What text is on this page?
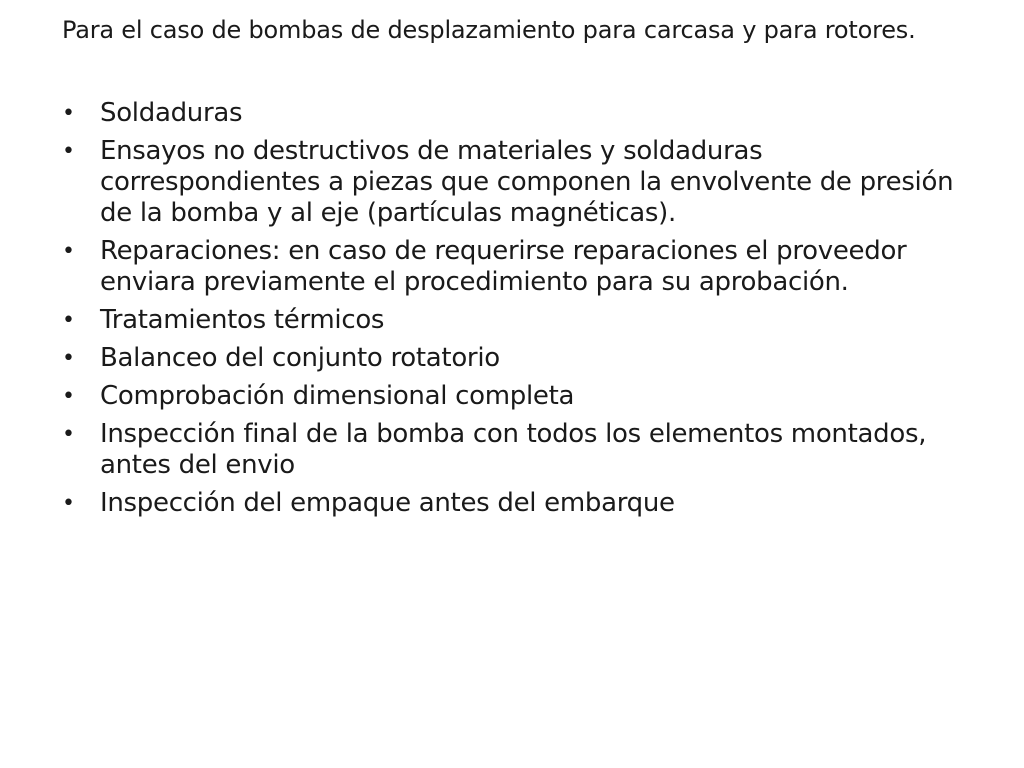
Para el caso de bombas de desplazamiento para carcasa y para rotores.

• Soldaduras
• Ensayos no destructivos de materiales y soldaduras correspondientes a piezas que componen la envolvente de presión de la bomba y al eje (partículas magnéticas).
• Reparaciones: en caso de requerirse reparaciones el proveedor enviara previamente el procedimiento para su aprobación.
• Tratamientos térmicos
• Balanceo del conjunto rotatorio
• Comprobación dimensional completa
• Inspección final de la bomba con todos los elementos montados, antes del envio
• Inspección del empaque antes del embarque
